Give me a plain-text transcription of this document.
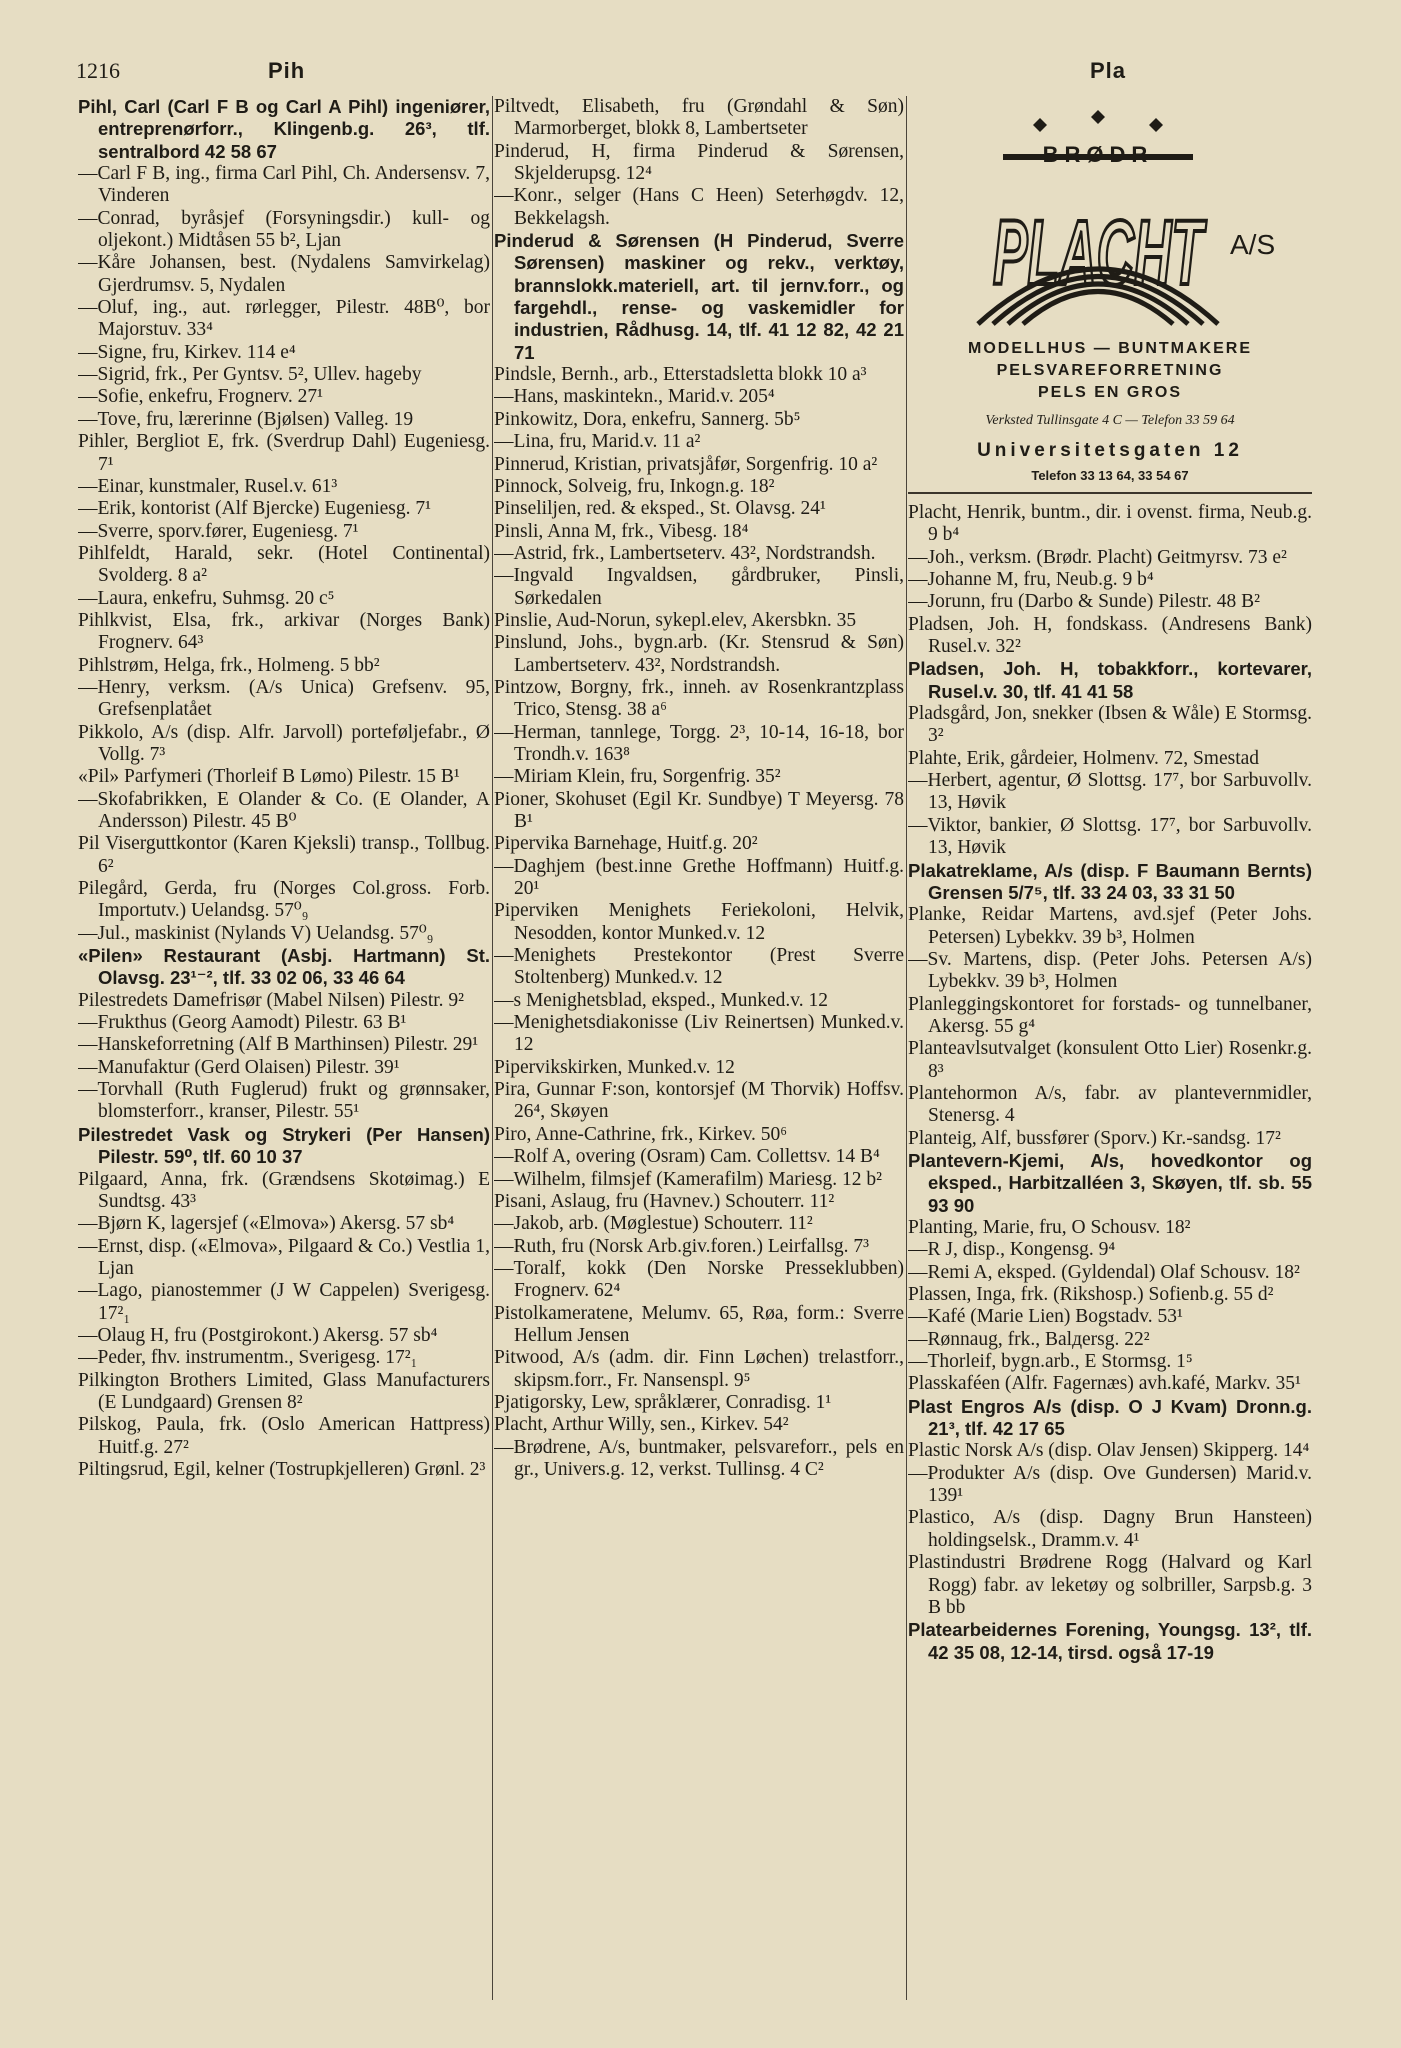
1216	Pih	Pla
Pihl, Carl (Carl F B og Carl A Pihl) ingeniører, entreprenørforr., Klingenb.g. 26³, tlf. sentralbord 42 58 67
—Carl F B, ing., firma Carl Pihl, Ch. Andersensv. 7, Vinderen
—Conrad, byråsjef (Forsyningsdir.) kull- og oljekont.) Midtåsen 55 b², Ljan
—Kåre Johansen, best. (Nydalens Samvirkelag) Gjerdrumsv. 5, Nydalen
—Oluf, ing., aut. rørlegger, Pilestr. 48B⁰, bor Majorstuv. 33⁴
—Signe, fru, Kirkev. 114 e⁴
—Sigrid, frk., Per Gyntsv. 5², Ullev. hageby
—Sofie, enkefru, Frognerv. 27¹
—Tove, fru, lærerinne (Bjølsen) Valleg. 19
Pihler, Bergliot E, frk. (Sverdrup Dahl) Eugeniesg. 7¹
—Einar, kunstmaler, Rusel.v. 61³
—Erik, kontorist (Alf Bjercke) Eugeniesg. 7¹
—Sverre, sporv.fører, Eugeniesg. 7¹
Pihlfeldt, Harald, sekr. (Hotel Continental) Svolderg. 8 a²
—Laura, enkefru, Suhmsg. 20 c⁵
Pihlkvist, Elsa, frk., arkivar (Norges Bank) Frognerv. 64³
Pihlstrøm, Helga, frk., Holmeng. 5 bb²
—Henry, verksm. (A/s Unica) Grefsenv. 95, Grefsenplatået
Pikkolo, A/s (disp. Alfr. Jarvoll) porteføljefabr., Ø Vollg. 7³
«Pil» Parfymeri (Thorleif B Lømo) Pilestr. 15 B¹
—Skofabrikken, E Olander & Co. (E Olander, A Andersson) Pilestr. 45 B⁰
Pil Viserguttkontor (Karen Kjeksli) transp., Tollbug. 6²
Pilegård, Gerda, fru (Norges Col.gross. Forb. Importutv.) Uelandsg. 57⁰₉
—Jul., maskinist (Nylands V) Uelandsg. 57⁰₉
«Pilen» Restaurant (Asbj. Hartmann) St. Olavsg. 23¹⁻², tlf. 33 02 06, 33 46 64
Pilestredets Damefrisør (Mabel Nilsen) Pilestr. 9²
—Frukthus (Georg Aamodt) Pilestr. 63 B¹
—Hanskeforretning (Alf B Marthinsen) Pilestr. 29¹
—Manufaktur (Gerd Olaisen) Pilestr. 39¹
—Torvhall (Ruth Fuglerud) frukt og grønnsaker, blomsterforr., kranser, Pilestr. 55¹
Pilestredet Vask og Strykeri (Per Hansen) Pilestr. 59⁰, tlf. 60 10 37
Pilgaard, Anna, frk. (Grændsens Skotøimag.) E Sundtsg. 43³
—Bjørn K, lagersjef («Elmova») Akersg. 57 sb⁴
—Ernst, disp. («Elmova», Pilgaard & Co.) Vestlia 1, Ljan
—Lago, pianostemmer (J W Cappelen) Sverigesg. 17²₁
—Olaug H, fru (Postgirokont.) Akersg. 57 sb⁴
—Peder, fhv. instrumentm., Sverigesg. 17²₁
Pilkington Brothers Limited, Glass Manufacturers (E Lundgaard) Grensen 8²
Pilskog, Paula, frk. (Oslo American Hattpress) Huitf.g. 27²
Piltingsrud, Egil, kelner (Tostrupkjelleren) Grønl. 2³
Piltvedt, Elisabeth, fru (Grøndahl & Søn) Marmorberget, blokk 8, Lambertseter
Pinderud, H, firma Pinderud & Sørensen, Skjelderupsg. 12⁴
—Konr., selger (Hans C Heen) Seterhøgdv. 12, Bekkelagsh.
Pinderud & Sørensen (H Pinderud, Sverre Sørensen) maskiner og rekv., verktøy, brannslokk.materiell, art. til jernv.forr., og fargehdl., rense- og vaskemidler for industrien, Rådhusg. 14, tlf. 41 12 82, 42 21 71
Pindsle, Bernh., arb., Etterstadsletta blokk 10 a³
—Hans, maskintekn., Marid.v. 205⁴
Pinkowitz, Dora, enkefru, Sannerg. 5b⁵
—Lina, fru, Marid.v. 11 a²
Pinnerud, Kristian, privatsjåfør, Sorgenfrig. 10 a²
Pinnock, Solveig, fru, Inkogn.g. 18²
Pinseliljen, red. & eksped., St. Olavsg. 24¹
Pinsli, Anna M, frk., Vibesg. 18⁴
—Astrid, frk., Lambertseterv. 43², Nordstrandsh.
—Ingvald Ingvaldsen, gårdbruker, Pinsli, Sørkedalen
Pinslie, Aud-Norun, sykepl.elev, Akersbkn. 35
Pinslund, Johs., bygn.arb. (Kr. Stensrud & Søn) Lambertseterv. 43², Nordstrandsh.
Pintzow, Borgny, frk., inneh. av Rosenkrantzplass Trico, Stensg. 38 a⁶
—Herman, tannlege, Torgg. 2³, 10-14, 16-18, bor Trondh.v. 163⁸
—Miriam Klein, fru, Sorgenfrig. 35²
Pioner, Skohuset (Egil Kr. Sundbye) T Meyersg. 78 B¹
Pipervika Barnehage, Huitf.g. 20²
—Daghjem (best.inne Grethe Hoffmann) Huitf.g. 20¹
Piperviken Menighets Feriekoloni, Helvik, Nesodden, kontor Munked.v. 12
—Menighets Prestekontor (Prest Sverre Stoltenberg) Munked.v. 12
—s Menighetsblad, eksped., Munked.v. 12
—Menighetsdiakonisse (Liv Reinertsen) Munked.v. 12
Pipervikskirken, Munked.v. 12
Pira, Gunnar F:son, kontorsjef (M Thorvik) Hoffsv. 26⁴, Skøyen
Piro, Anne-Cathrine, frk., Kirkev. 50⁶
—Rolf A, overing (Osram) Cam. Collettsv. 14 B⁴
—Wilhelm, filmsjef (Kamerafilm) Mariesg. 12 b²
Pisani, Aslaug, fru (Havnev.) Schouterr. 11²
—Jakob, arb. (Møglestue) Schouterr. 11²
—Ruth, fru (Norsk Arb.giv.foren.) Leirfallsg. 7³
—Toralf, kokk (Den Norske Presseklubben) Frognerv. 62⁴
Pistolkameratene, Melumv. 65, Røa, form.: Sverre Hellum Jensen
Pitwood, A/s (adm. dir. Finn Løchen) trelastforr., skipsm.forr., Fr. Nansenspl. 9⁵
Pjatigorsky, Lew, språklærer, Conradisg. 1¹
Placht, Arthur Willy, sen., Kirkev. 54²
—Brødrene, A/s, buntmaker, pelsvareforr., pels en gr., Univers.g. 12, verkst. Tullinsg. 4 C²
PLACHT A/S
MODELLHUS — BUNTMAKERE
PELSVAREFORRETNING
PELS EN GROS
Verksted Tullinsgate 4 C — Telefon 33 59 64
Universitetsgaten 12
Telefon 33 13 64, 33 54 67
Placht, Henrik, buntm., dir. i ovenst. firma, Neub.g. 9 b⁴
—Joh., verksm. (Brødr. Placht) Geitmyrsv. 73 e²
—Johanne M, fru, Neub.g. 9 b⁴
—Jorunn, fru (Darbo & Sunde) Pilestr. 48 B²
Pladsen, Joh. H, fondskass. (Andresens Bank) Rusel.v. 32²
Pladsen, Joh. H, tobakkforr., kortevarer, Rusel.v. 30, tlf. 41 41 58
Pladsgård, Jon, snekker (Ibsen & Wåle) E Stormsg. 3²
Plahte, Erik, gårdeier, Holmenv. 72, Smestad
—Herbert, agentur, Ø Slottsg. 17⁷, bor Sarbuvollv. 13, Høvik
—Viktor, bankier, Ø Slottsg. 17⁷, bor Sarbuvollv. 13, Høvik
Plakatreklame, A/s (disp. F Baumann Bernts) Grensen 5/7⁵, tlf. 33 24 03, 33 31 50
Planke, Reidar Martens, avd.sjef (Peter Johs. Petersen) Lybekkv. 39 b³, Holmen
—Sv. Martens, disp. (Peter Johs. Petersen A/s) Lybekkv. 39 b³, Holmen
Planleggingskontoret for forstads- og tunnelbaner, Akersg. 55 g⁴
Planteavlsutvalget (konsulent Otto Lier) Rosenkr.g. 8³
Plantehormon A/s, fabr. av plantevernmidler, Stenersg. 4
Planteig, Alf, bussfører (Sporv.) Kr.-sandsg. 17²
Plantevern-Kjemi, A/s, hovedkontor og eksped., Harbitzalléen 3, Skøyen, tlf. sb. 55 93 90
Planting, Marie, fru, O Schousv. 18²
—R J, disp., Kongensg. 9⁴
—Remi A, eksped. (Gyldendal) Olaf Schousv. 18²
Plassen, Inga, frk. (Rikshosp.) Sofienb.g. 55 d²
—Kafé (Marie Lien) Bogstadv. 53¹
—Rønnaug, frk., Balдersg. 22²
—Thorleif, bygn.arb., E Stormsg. 1⁵
Plasskaféen (Alfr. Fagernæs) avh.kafé, Markv. 35¹
Plast Engros A/s (disp. O J Kvam) Dronn.g. 21³, tlf. 42 17 65
Plastic Norsk A/s (disp. Olav Jensen) Skipperg. 14⁴
—Produkter A/s (disp. Ove Gundersen) Marid.v. 139¹
Plastico, A/s (disp. Dagny Brun Hansteen) holdingselsk., Dramm.v. 4¹
Plastindustri Brødrene Rogg (Halvard og Karl Rogg) fabr. av leketøy og solbriller, Sarpsb.g. 3 B bb
Platearbeidernes Forening, Youngsg. 13², tlf. 42 35 08, 12-14, tirsd. også 17-19
